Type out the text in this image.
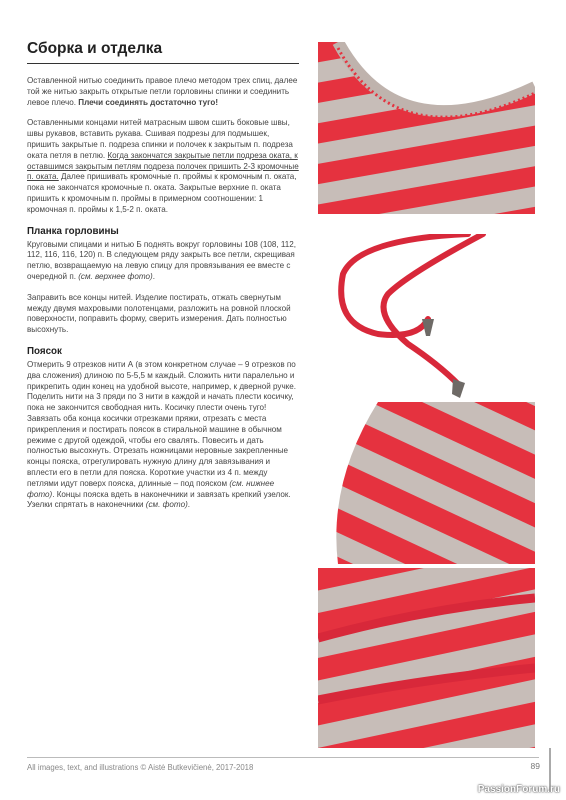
Сборка и отделка

Оставленной нитью соединить правое плечо методом трех спиц, далее той же нитью закрыть открытые петли горловины спинки и соединить левое плечо. Плечи соединять достаточно туго!

Оставленными концами нитей матрасным швом сшить боковые швы, швы рукавов, вставить рукава. Сшивая подрезы для подмышек, пришить закрытые п. подреза спинки и полочек к закрытым п. подреза оката петля в петлю. Когда закончатся закрытые петли подреза оката, к оставшимся закрытым петлям подреза полочек пришить 2-3 кромочные п. оката. Далее пришивать кромочные п. проймы к кромочным п. оката, пока не закончатся кромочные п. оката. Закрытые верхние п. оката пришить к кромочным п. проймы в примерном соотношении: 1 кромочная п. проймы к 1,5-2 п. оката.

Планка горловины

Круговыми спицами и нитью Б поднять вокруг горловины 108 (108, 112, 112, 116, 116, 120) п. В следующем ряду закрыть все петли, скрещивая петлю, возвращаемую на левую спицу для провязывания ее вместе с очередной п. (см. верхнее фото).

Заправить все концы нитей. Изделие постирать, отжать свернутым между двумя махровыми полотенцами, разложить на ровной плоской поверхности, поправить форму, сверить измерения. Дать полностью высохнуть.

Поясок

Отмерить 9 отрезков нити А (в этом конкретном случае – 9 отрезков по два сложения) длиною по 5-5,5 м каждый. Сложить нити паралельно и прикрепить один конец на удобной высоте, например, к дверной ручке. Поделить нити на 3 пряди по 3 нити в каждой и начать плести косичку, пока не закончится свободная нить. Косичку плести очень туго! Завязать оба конца косички отрезками пряжи, отрезать с места прикрепления и постирать поясок в стиральной машине в обычном режиме с другой одеждой, чтобы его свалять. Повесить и дать полностью высохнуть. Отрезать ножницами неровные закрепленные концы пояска, отрегулировать нужную длину для завязывания и вплести его в петли для пояска. Короткие участки из 4 п. между петлями идут поверх пояска, длинные – под пояском (см. нижнее фото). Концы пояска вдеть в наконечники и завязать крепкий узелок. Узелки спрятать в наконечники (см. фото).

All images, text, and illustrations © Aistė Butkevičienė, 2017-2018	89
PassionForum.ru
